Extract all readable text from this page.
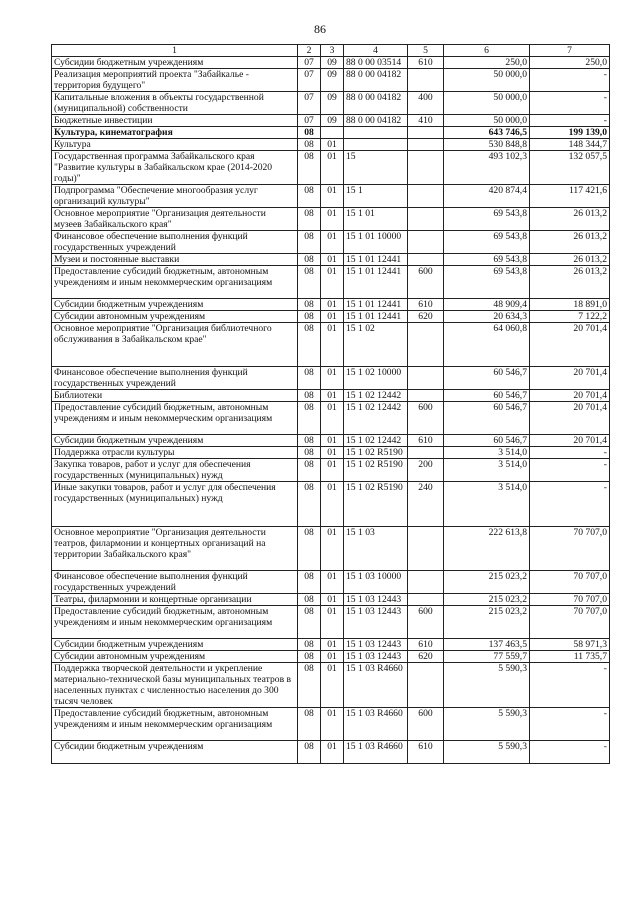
86
1	2	3	4	5	6	7
Субсидии бюджетным учреждениям	07	09	88 0 00 03514	610	250,0	250,0
Реализация мероприятий проекта "Забайкалье - территория будущего"	07	09	88 0 00 04182		50 000,0	-
Капитальные вложения в объекты государственной (муниципальной) собственности	07	09	88 0 00 04182	400	50 000,0	-
Бюджетные инвестиции	07	09	88 0 00 04182	410	50 000,0	-
Культура, кинематография	08				643 746,5	199 139,0
Культура	08	01			530 848,8	148 344,7
Государственная программа Забайкальского края "Развитие культуры в Забайкальском крае (2014-2020 годы)"	08	01	15		493 102,3	132 057,5
Подпрограмма "Обеспечение многообразия услуг организаций культуры"	08	01	15 1		420 874,4	117 421,6
Основное мероприятие "Организация деятельности музеев Забайкальского края"	08	01	15 1 01		69 543,8	26 013,2
Финансовое обеспечение выполнения функций государственных учреждений	08	01	15 1 01 10000		69 543,8	26 013,2
Музеи и постоянные выставки	08	01	15 1 01 12441		69 543,8	26 013,2
Предоставление субсидий бюджетным, автономным учреждениям и иным некоммерческим организациям	08	01	15 1 01 12441	600	69 543,8	26 013,2
Субсидии бюджетным учреждениям	08	01	15 1 01 12441	610	48 909,4	18 891,0
Субсидии автономным учреждениям	08	01	15 1 01 12441	620	20 634,3	7 122,2
Основное мероприятие "Организация библиотечного обслуживания в Забайкальском крае"	08	01	15 1 02		64 060,8	20 701,4
Финансовое обеспечение выполнения функций государственных учреждений	08	01	15 1 02 10000		60 546,7	20 701,4
Библиотеки	08	01	15 1 02 12442		60 546,7	20 701,4
Предоставление субсидий бюджетным, автономным учреждениям и иным некоммерческим организациям	08	01	15 1 02 12442	600	60 546,7	20 701,4
Субсидии бюджетным учреждениям	08	01	15 1 02 12442	610	60 546,7	20 701,4
Поддержка отрасли культуры	08	01	15 1 02 R5190		3 514,0	-
Закупка товаров, работ и услуг для обеспечения государственных (муниципальных) нужд	08	01	15 1 02 R5190	200	3 514,0	-
Иные закупки товаров, работ и услуг для обеспечения государственных (муниципальных) нужд	08	01	15 1 02 R5190	240	3 514,0	-
Основное мероприятие "Организация деятельности театров, филармонии и концертных организаций на территории Забайкальского края"	08	01	15 1 03		222 613,8	70 707,0
Финансовое обеспечение выполнения функций государственных учреждений	08	01	15 1 03 10000		215 023,2	70 707,0
Театры, филармонии и концертные организации	08	01	15 1 03 12443		215 023,2	70 707,0
Предоставление субсидий бюджетным, автономным учреждениям и иным некоммерческим организациям	08	01	15 1 03 12443	600	215 023,2	70 707,0
Субсидии бюджетным учреждениям	08	01	15 1 03 12443	610	137 463,5	58 971,3
Субсидии автономным учреждениям	08	01	15 1 03 12443	620	77 559,7	11 735,7
Поддержка творческой деятельности и укрепление материально-технической базы муниципальных театров в населенных пунктах с численностью населения до 300 тысяч человек	08	01	15 1 03 R4660		5 590,3	-
Предоставление субсидий бюджетным, автономным учреждениям и иным некоммерческим организациям	08	01	15 1 03 R4660	600	5 590,3	-
Субсидии бюджетным учреждениям	08	01	15 1 03 R4660	610	5 590,3	-
